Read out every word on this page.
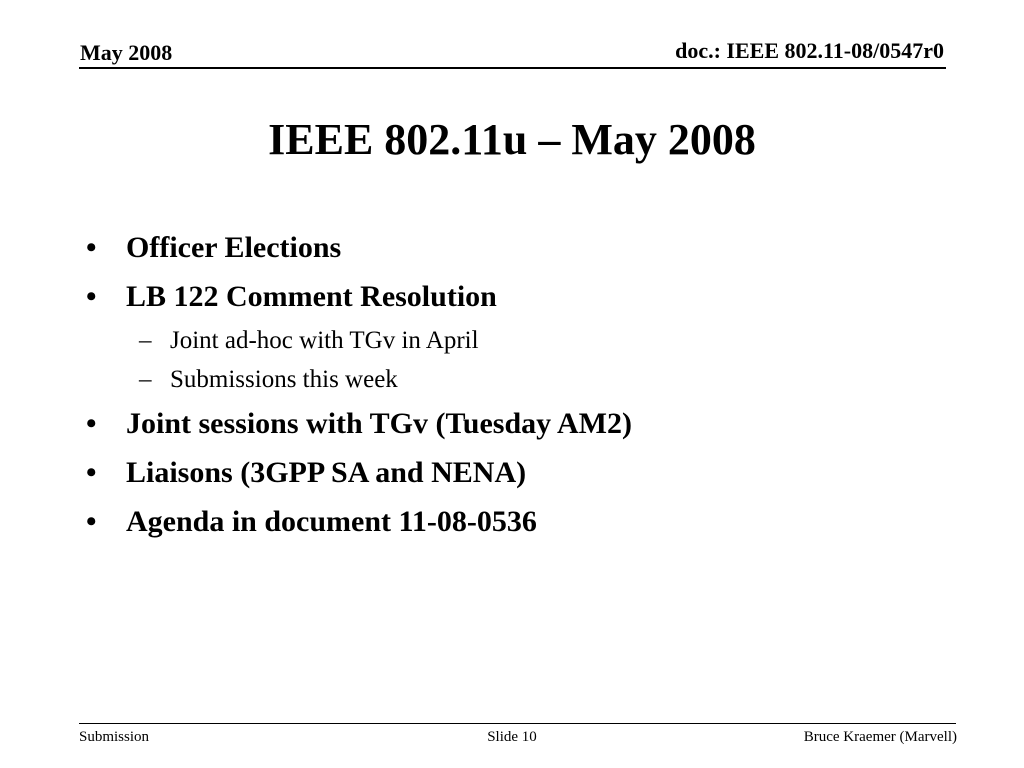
May 2008	doc.: IEEE 802.11-08/0547r0
IEEE 802.11u – May 2008
• Officer Elections
• LB 122 Comment Resolution
– Joint ad-hoc with TGv in April
– Submissions this week
• Joint sessions with TGv (Tuesday AM2)
• Liaisons (3GPP SA and NENA)
• Agenda in document 11-08-0536
Submission	Slide 10	Bruce Kraemer (Marvell)
